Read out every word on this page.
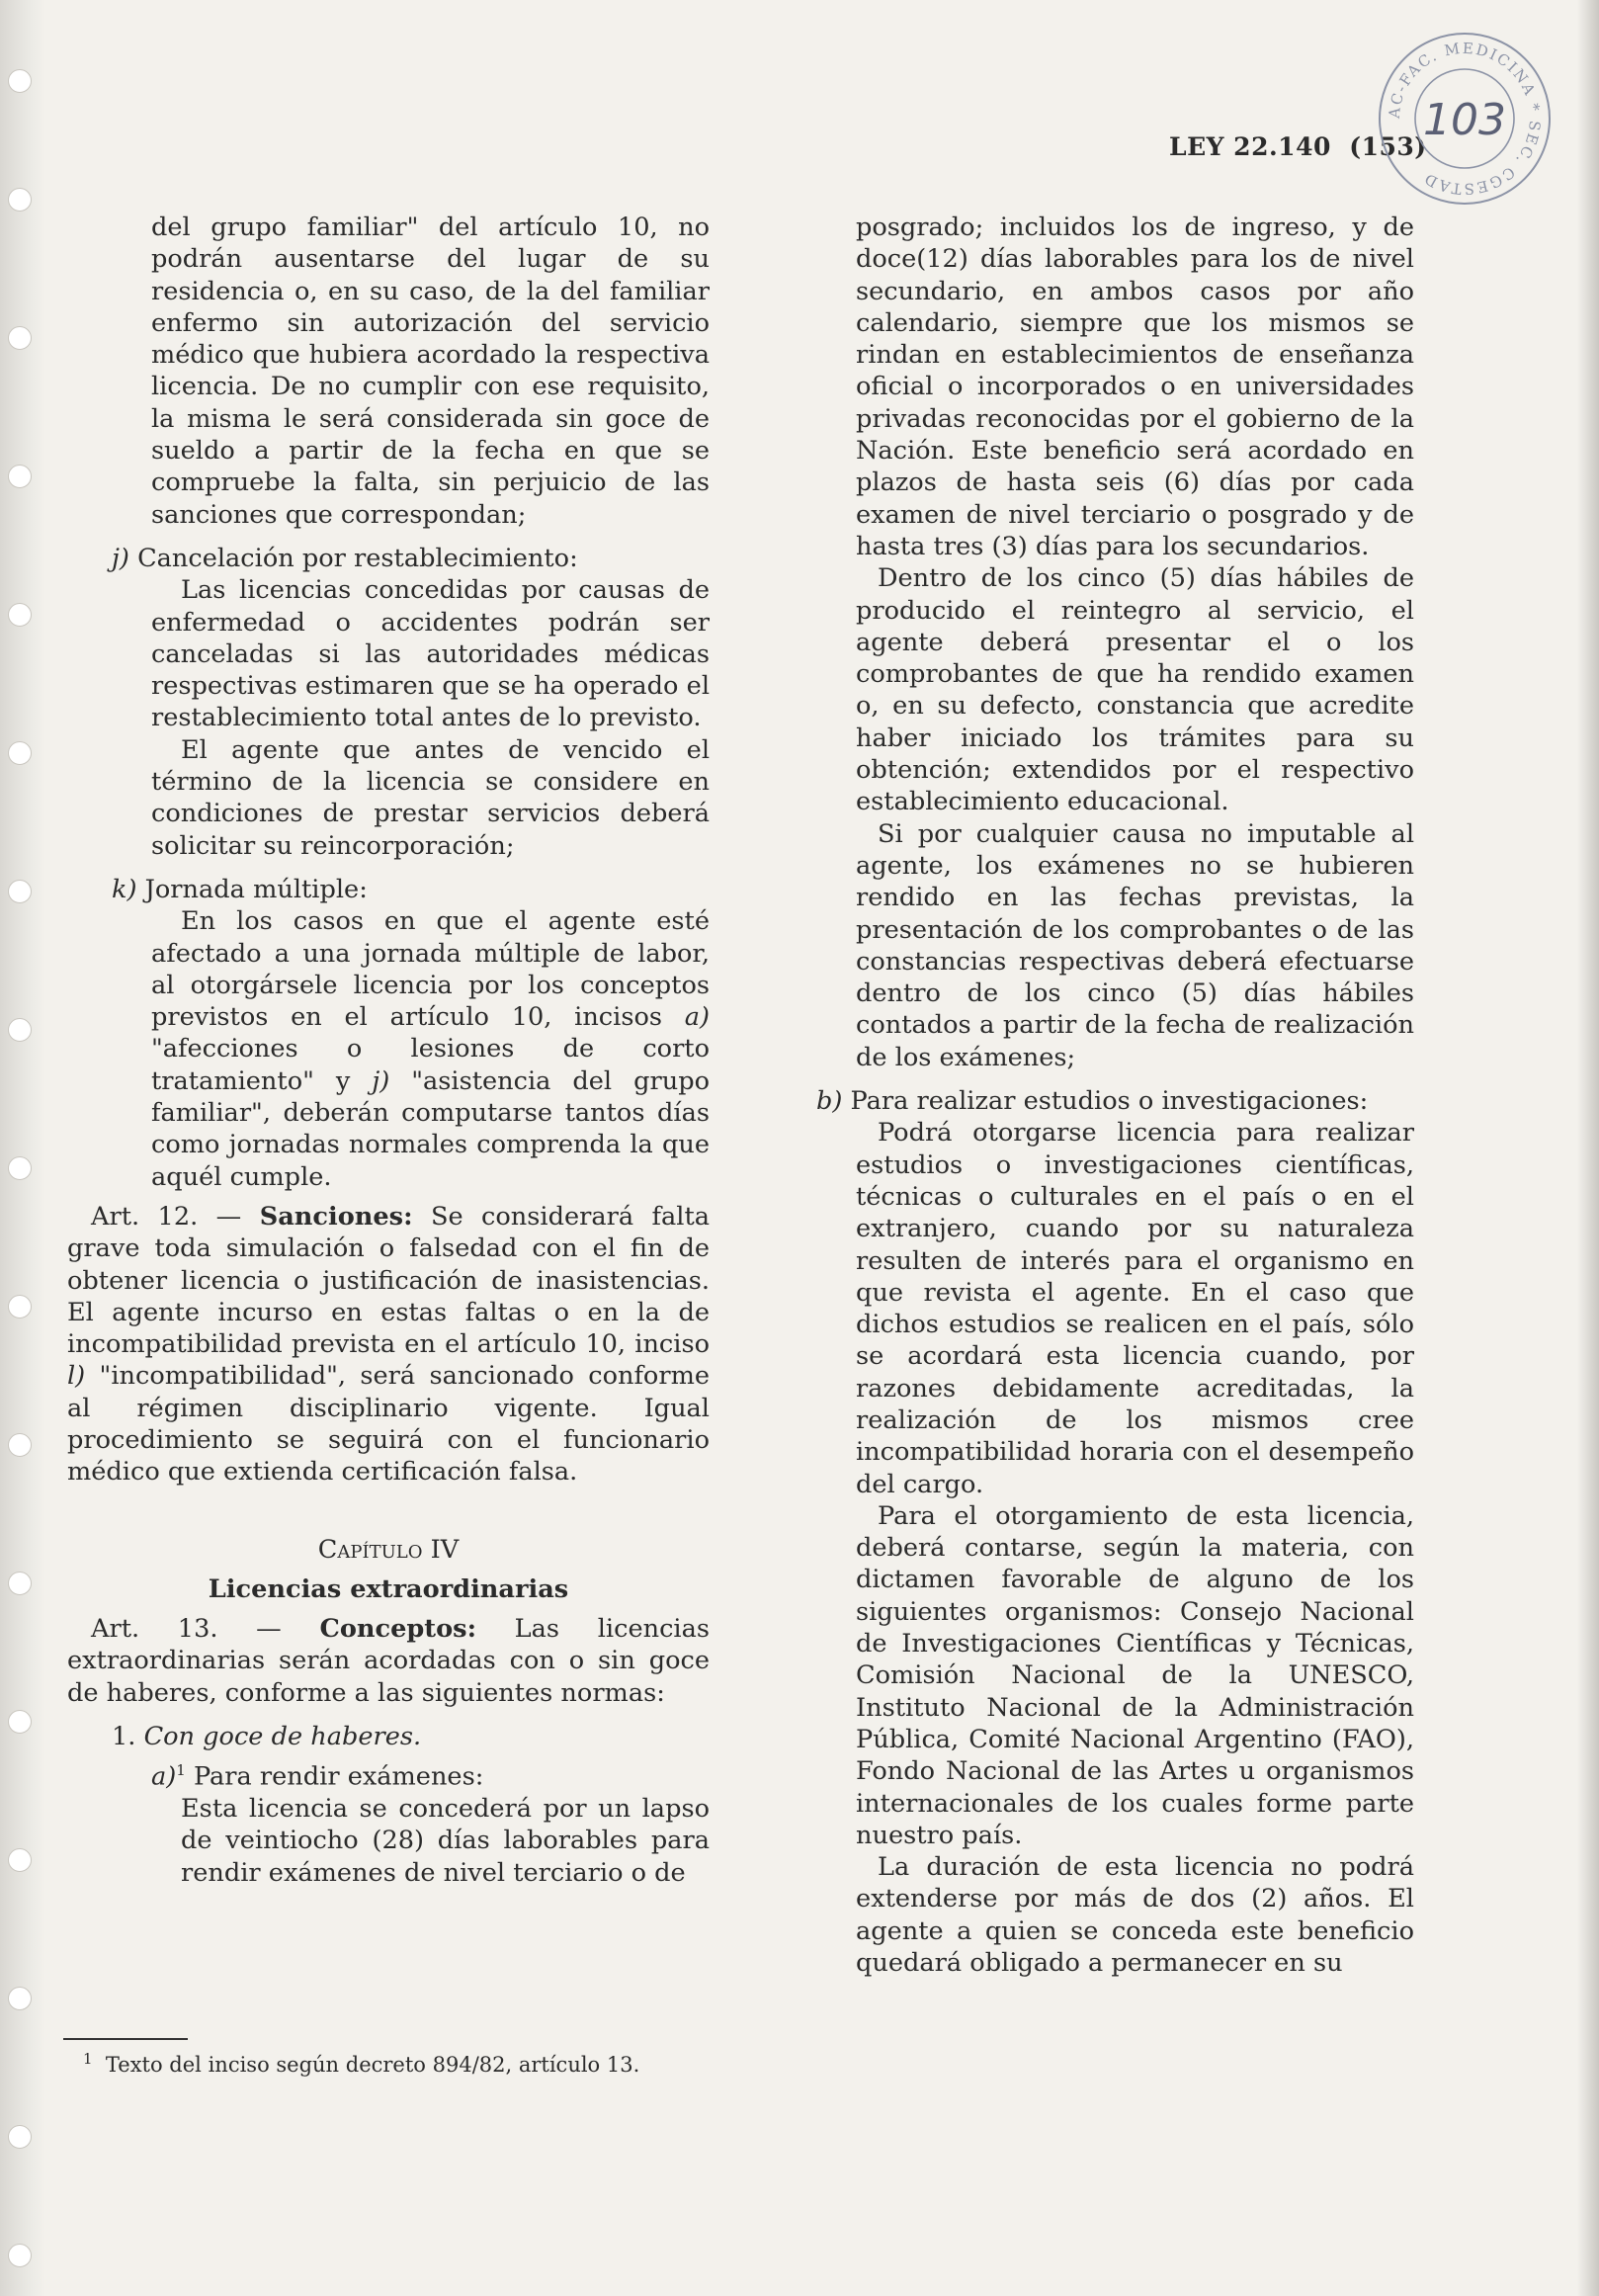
LEY 22.140 (153)
AC-FAC. MEDICINA * SEC. CGESTAD
103

del grupo familiar" del artículo 10, no podrán ausentarse del lugar de su residencia o, en su caso, de la del familiar enfermo sin autorización del servicio médico que hubiera acordado la respectiva licencia. De no cumplir con ese requisito, la misma le será considerada sin goce de sueldo a partir de la fecha en que se compruebe la falta, sin perjuicio de las sanciones que correspondan;

j) Cancelación por restablecimiento:

Las licencias concedidas por causas de enfermedad o accidentes podrán ser canceladas si las autoridades médicas respectivas estimaren que se ha operado el restablecimiento total antes de lo previsto.

El agente que antes de vencido el término de la licencia se considere en condiciones de prestar servicios deberá solicitar su reincorporación;

k) Jornada múltiple:

En los casos en que el agente esté afectado a una jornada múltiple de labor, al otorgársele licencia por los conceptos previstos en el artículo 10, incisos a) "afecciones o lesiones de corto tratamiento" y j) "asistencia del grupo familiar", deberán computarse tantos días como jornadas normales comprenda la que aquél cumple.

Art. 12. — Sanciones: Se considerará falta grave toda simulación o falsedad con el fin de obtener licencia o justificación de inasistencias. El agente incurso en estas faltas o en la de incompatibilidad prevista en el artículo 10, inciso l) "incompatibilidad", será sancionado conforme al régimen disciplinario vigente. Igual procedimiento se seguirá con el funcionario médico que extienda certificación falsa.

Capítulo IV

Licencias extraordinarias

Art. 13. — Conceptos: Las licencias extraordinarias serán acordadas con o sin goce de haberes, conforme a las siguientes normas:

1. Con goce de haberes.

a)$^1$ Para rendir exámenes:

Esta licencia se concederá por un lapso de veintiocho (28) días laborables para rendir exámenes de nivel terciario o de

posgrado; incluidos los de ingreso, y de doce(12) días laborables para los de nivel secundario, en ambos casos por año calendario, siempre que los mismos se rindan en establecimientos de enseñanza oficial o incorporados o en universidades privadas reconocidas por el gobierno de la Nación. Este beneficio será acordado en plazos de hasta seis (6) días por cada examen de nivel terciario o posgrado y de hasta tres (3) días para los secundarios.

Dentro de los cinco (5) días hábiles de producido el reintegro al servicio, el agente deberá presentar el o los comprobantes de que ha rendido examen o, en su defecto, constancia que acredite haber iniciado los trámites para su obtención; extendidos por el respectivo establecimiento educacional.

Si por cualquier causa no imputable al agente, los exámenes no se hubieren rendido en las fechas previstas, la presentación de los comprobantes o de las constancias respectivas deberá efectuarse dentro de los cinco (5) días hábiles contados a partir de la fecha de realización de los exámenes;

b) Para realizar estudios o investigaciones:

Podrá otorgarse licencia para realizar estudios o investigaciones científicas, técnicas o culturales en el país o en el extranjero, cuando por su naturaleza resulten de interés para el organismo en que revista el agente. En el caso que dichos estudios se realicen en el país, sólo se acordará esta licencia cuando, por razones debidamente acreditadas, la realización de los mismos cree incompatibilidad horaria con el desempeño del cargo.

Para el otorgamiento de esta licencia, deberá contarse, según la materia, con dictamen favorable de alguno de los siguientes organismos: Consejo Nacional de Investigaciones Científicas y Técnicas, Comisión Nacional de la UNESCO, Instituto Nacional de la Administración Pública, Comité Nacional Argentino (FAO), Fondo Nacional de las Artes u organismos internacionales de los cuales forme parte nuestro país.

La duración de esta licencia no podrá extenderse por más de dos (2) años. El agente a quien se conceda este beneficio quedará obligado a permanecer en su

$^1$ Texto del inciso según decreto 894/82, artículo 13.
